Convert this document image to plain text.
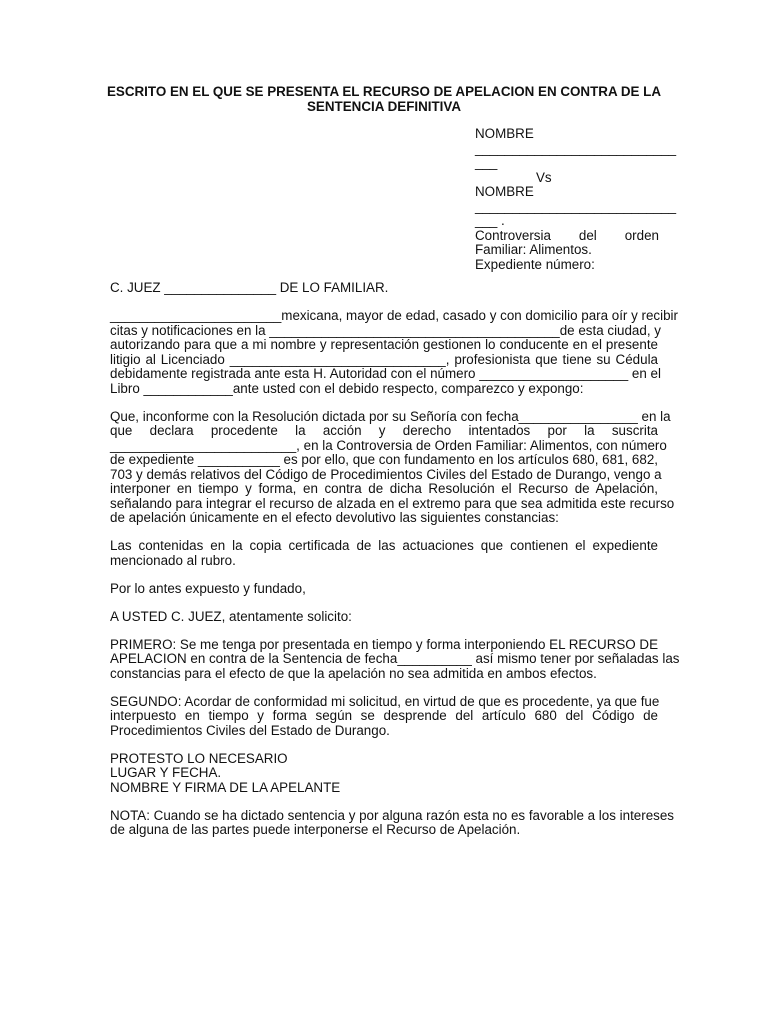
ESCRITO EN EL QUE SE PRESENTA EL RECURSO DE APELACION EN CONTRA DE LA
SENTENCIA DEFINITIVA
NOMBRE
___________________________
___
Vs
NOMBRE
___________________________
___ .
Controversia del orden
Familiar: Alimentos.
Expediente número:
C. JUEZ _______________ DE LO FAMILIAR.
_______________________mexicana, mayor de edad, casado y con domicilio para oír y recibir
citas y notificaciones en la _______________________________________de esta ciudad, y
autorizando para que a mi nombre y representación gestionen lo conducente en el presente
litigio al Licenciado _____________________________, profesionista que tiene su Cédula
debidamente registrada ante esta H. Autoridad con el número ____________________ en el
Libro ____________ante usted con el debido respecto, comparezco y expongo:
Que, inconforme con la Resolución dictada por su Señoría con fecha________________ en la
que declara procedente la acción y derecho intentados por la suscrita
_________________________, en la Controversia de Orden Familiar: Alimentos, con número
de expediente ___________ es por ello, que con fundamento en los artículos 680, 681, 682,
703 y demás relativos del Código de Procedimientos Civiles del Estado de Durango, vengo a
interponer en tiempo y forma, en contra de dicha Resolución el Recurso de Apelación,
señalando para integrar el recurso de alzada en el extremo para que sea admitida este recurso
de apelación únicamente en el efecto devolutivo las siguientes constancias:
Las contenidas en la copia certificada de las actuaciones que contienen el expediente
mencionado al rubro.
Por lo antes expuesto y fundado,
A USTED C. JUEZ, atentamente solicito:
PRIMERO: Se me tenga por presentada en tiempo y forma interponiendo EL RECURSO DE
APELACION en contra de la Sentencia de fecha__________ así mismo tener por señaladas las
constancias para el efecto de que la apelación no sea admitida en ambos efectos.
SEGUNDO: Acordar de conformidad mi solicitud, en virtud de que es procedente, ya que fue
interpuesto en tiempo y forma según se desprende del artículo 680 del Código de
Procedimientos Civiles del Estado de Durango.
PROTESTO LO NECESARIO
LUGAR Y FECHA.
NOMBRE Y FIRMA DE LA APELANTE
NOTA: Cuando se ha dictado sentencia y por alguna razón esta no es favorable a los intereses
de alguna de las partes puede interponerse el Recurso de Apelación.
